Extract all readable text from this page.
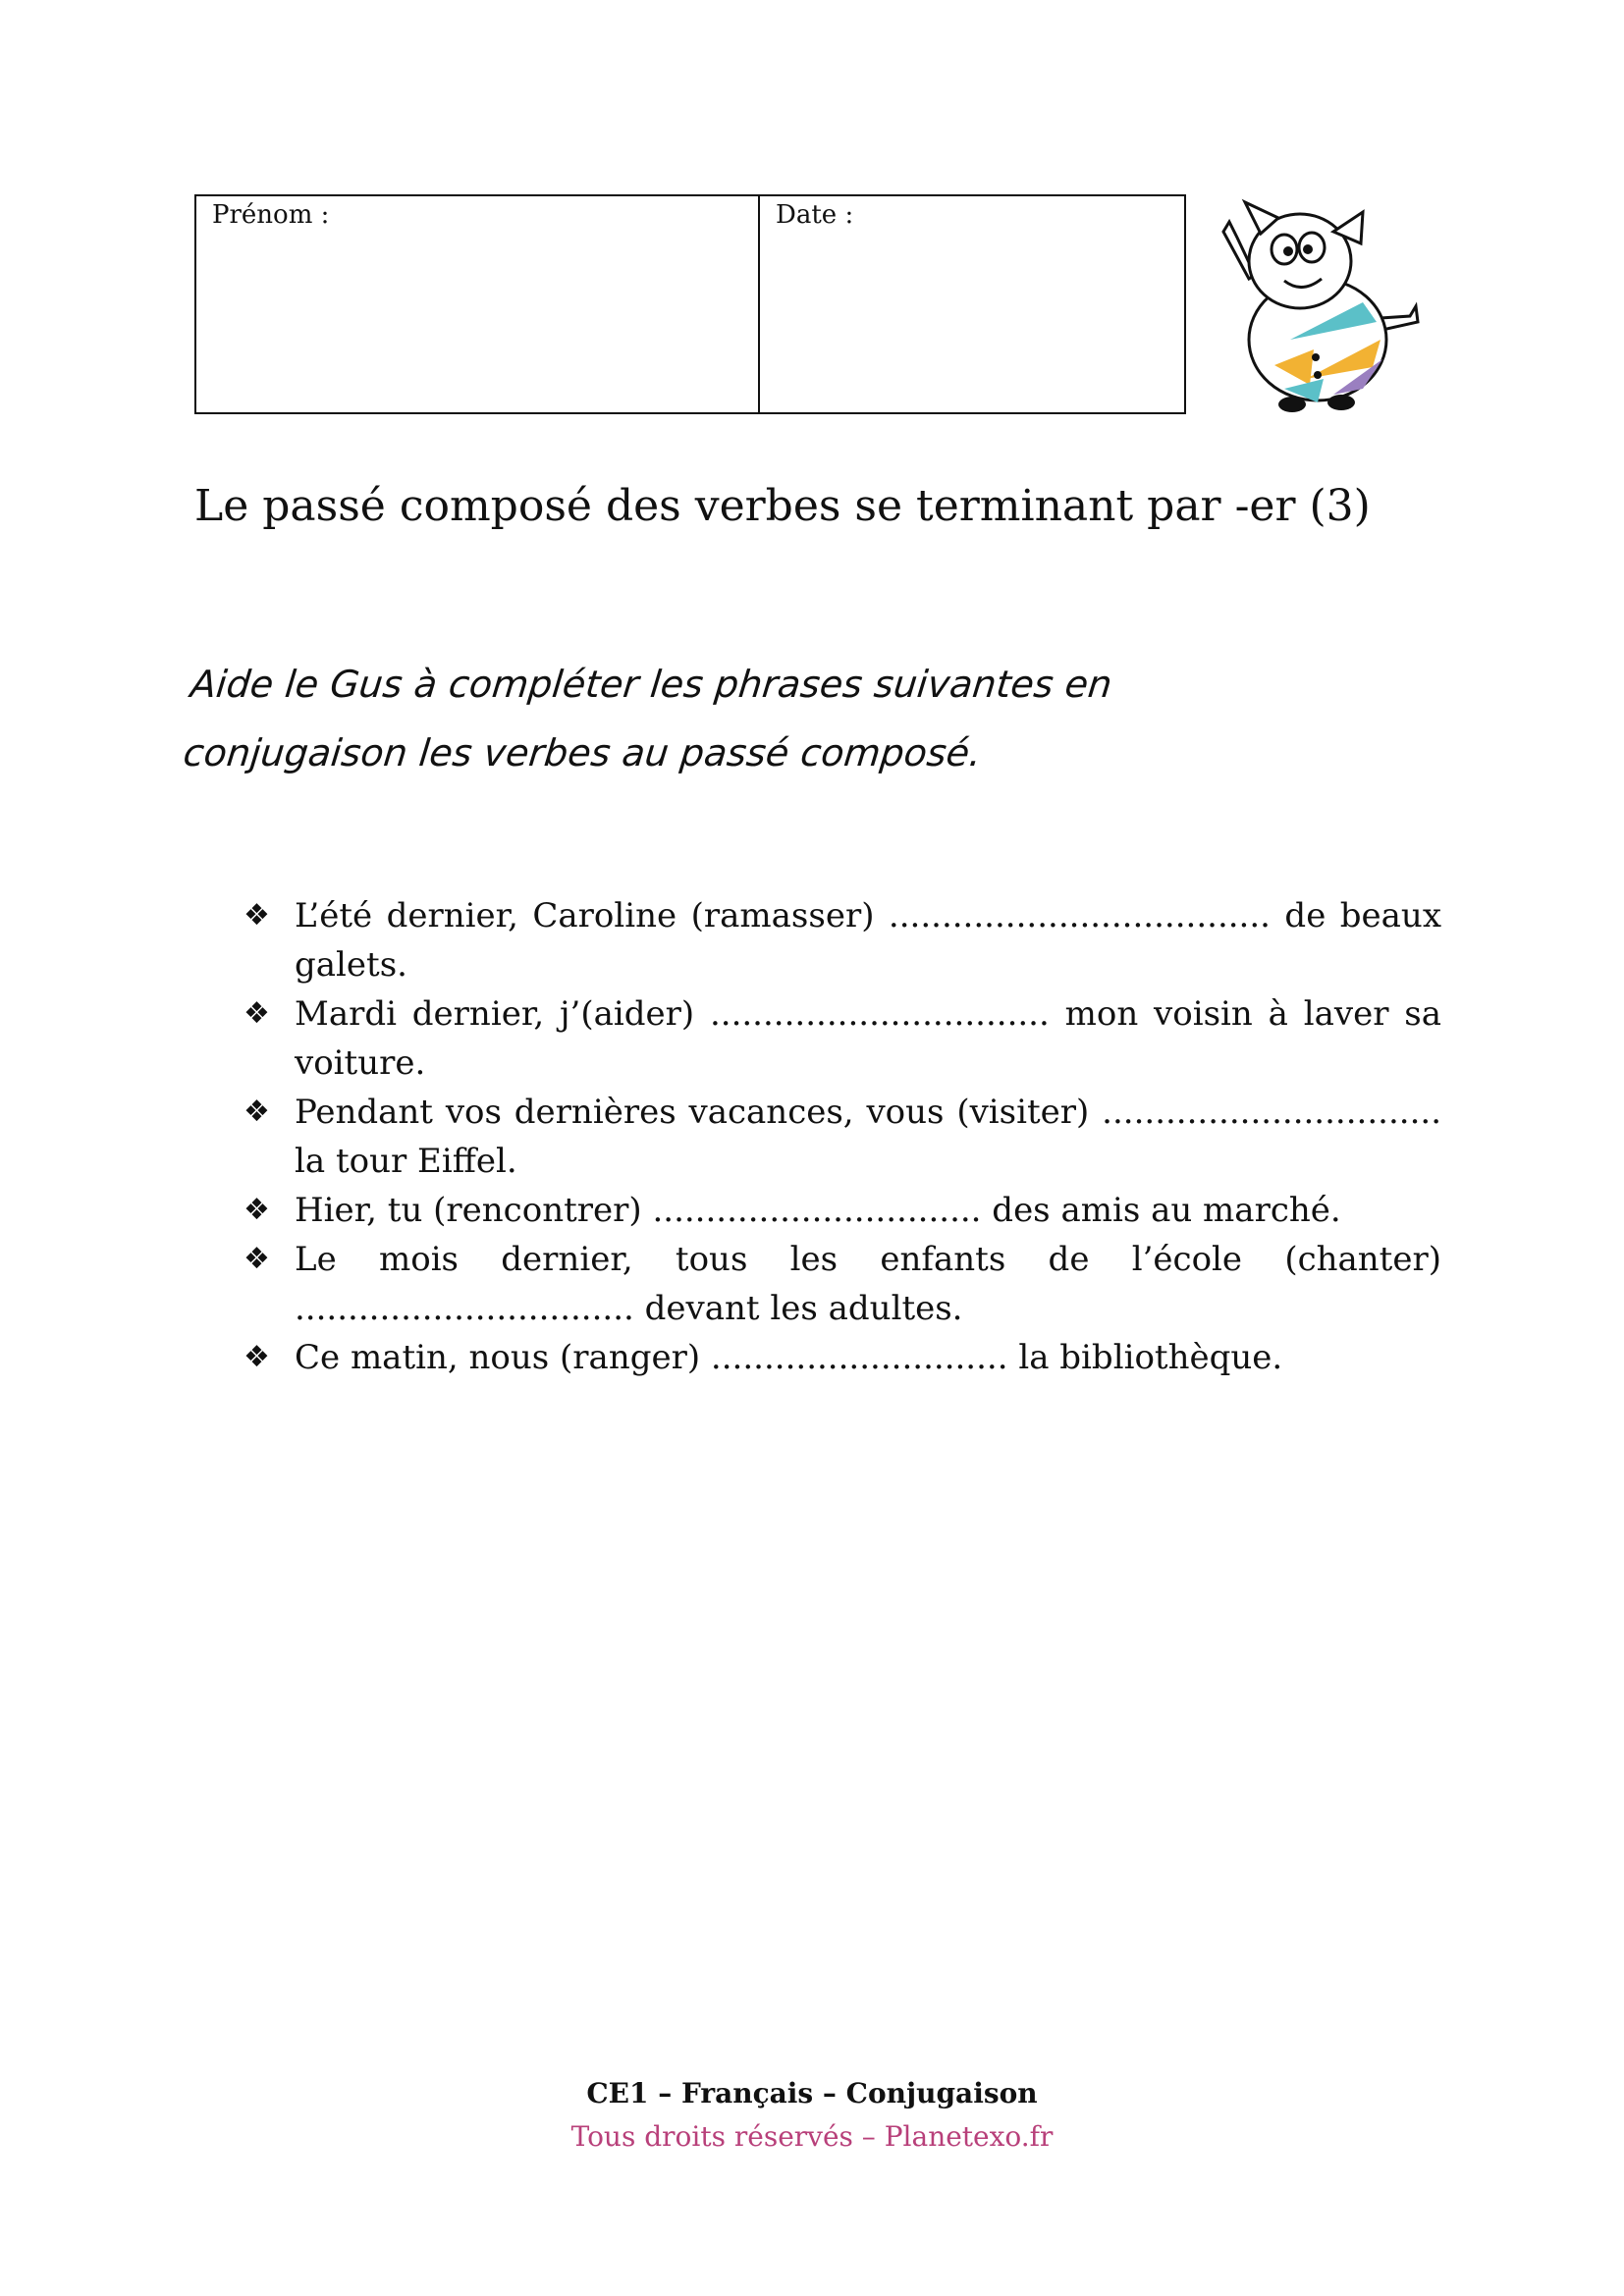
Prénom :	Date :
Le passé composé des verbes se terminant par -er (3)
Aide le Gus à compléter les phrases suivantes en
conjugaison les verbes au passé composé.
❖ L’été dernier, Caroline (ramasser) .................................... de beaux galets.
❖ Mardi dernier, j’(aider) ................................ mon voisin à laver sa voiture.
❖ Pendant vos dernières vacances, vous (visiter) ................................ la tour Eiffel.
❖ Hier, tu (rencontrer) ............................... des amis au marché.
❖ Le mois dernier, tous les enfants de l’école (chanter) ................................ devant les adultes.
❖ Ce matin, nous (ranger) ............................ la bibliothèque.
CE1 – Français – Conjugaison
Tous droits réservés – Planetexo.fr
